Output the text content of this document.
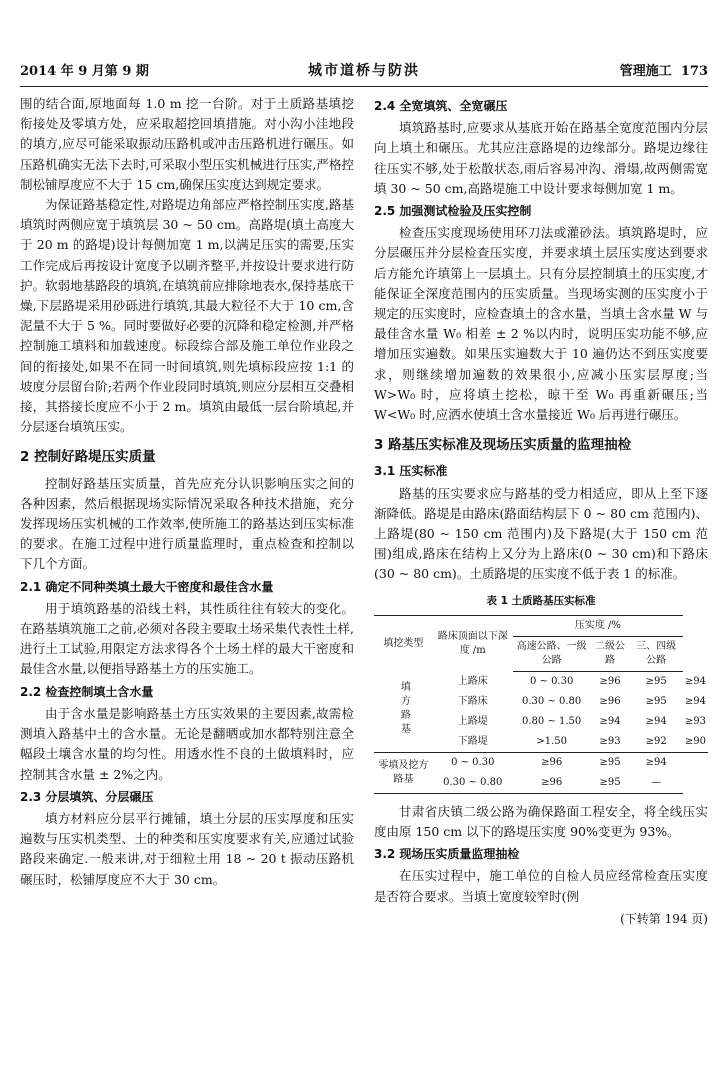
2014 年 9 月第 9 期	城市道桥与防洪	管理施工 173

围的结合面,原地面每 1.0 m 挖一台阶。对于土质路基填挖衔接处及零填方处，应采取超挖回填措施。对小沟小洼地段的填方,应尽可能采取振动压路机或冲击压路机进行碾压。如压路机确实无法下去时,可采取小型压实机械进行压实,严格控制松铺厚度应不大于 15 cm,确保压实度达到规定要求。

为保证路基稳定性,对路堤边角部应严格控制压实度,路基填筑时两侧应宽于填筑层 30 ~ 50 cm。高路堤(填土高度大于 20 m 的路堤)设计每侧加宽 1 m,以满足压实的需要,压实工作完成后再按设计宽度予以刷齐整平,并按设计要求进行防护。软弱地基路段的填筑,在填筑前应排除地表水,保持基底干燥,下层路堤采用砂砾进行填筑,其最大粒径不大于 10 cm,含泥量不大于 5 %。同时要做好必要的沉降和稳定检测,并严格控制施工填料和加载速度。标段综合部及施工单位作业段之间的衔接处,如果不在同一时间填筑,则先填标段应按 1:1 的坡度分层留台阶;若两个作业段同时填筑,则应分层相互交叠相接，其搭接长度应不小于 2 m。填筑由最低一层台阶填起,并分层逐台填筑压实。

2 控制好路堤压实质量

控制好路基压实质量，首先应充分认识影响压实之间的各种因素，然后根据现场实际情况采取各种技术措施，充分发挥现场压实机械的工作效率,使所施工的路基达到压实标准的要求。在施工过程中进行质量监理时，重点检查和控制以下几个方面。

2.1 确定不同种类填土最大干密度和最佳含水量

用于填筑路基的沿线土料，其性质往往有较大的变化。在路基填筑施工之前,必须对各段主要取土场采集代表性土样,进行土工试验,用限定方法求得各个土场土样的最大干密度和最佳含水量,以便指导路基土方的压实施工。

2.2 检查控制填土含水量

由于含水量是影响路基土方压实效果的主要因素,故需检测填入路基中土的含水量。无论是翻晒或加水都特别注意全幅段土壤含水量的均匀性。用透水性不良的土做填料时，应控制其含水量 ± 2%之内。

2.3 分层填筑、分层碾压

填方材料应分层平行摊铺，填土分层的压实厚度和压实遍数与压实机类型、土的种类和压实度要求有关,应通过试验路段来确定.一般来讲,对于细粒土用 18 ~ 20 t 振动压路机碾压时，松铺厚度应不大于 30 cm。

2.4 全宽填筑、全宽碾压

填筑路基时,应要求从基底开始在路基全宽度范围内分层向上填土和碾压。尤其应注意路堤的边缘部分。路堤边缘往往压实不够,处于松散状态,雨后容易冲沟、滑塌,故两侧需宽填 30 ~ 50 cm,高路堤施工中设计要求每侧加宽 1 m。

2.5 加强测试检验及压实控制

检查压实度现场使用环刀法或灌砂法。填筑路堤时，应分层碾压并分层检查压实度，并要求填土层压实度达到要求后方能允许填第上一层填土。只有分层控制填土的压实度,才能保证全深度范围内的压实质量。当现场实测的压实度小于规定的压实度时，应检查填土的含水量，当填土含水量 W 与最佳含水量 W₀ 相差 ± 2 %以内时，说明压实功能不够,应增加压实遍数。如果压实遍数大于 10 遍仍达不到压实度要求，则继续增加遍数的效果很小,应减小压实层厚度;当 W>W₀ 时，应将填土挖松，晾干至 W₀ 再重新碾压;当 W<W₀ 时,应洒水使填土含水量接近 W₀ 后再进行碾压。

3 路基压实标准及现场压实质量的监理抽检
3.1 压实标准

路基的压实要求应与路基的受力相适应，即从上至下逐渐降低。路堤是由路床(路面结构层下 0 ~ 80 cm 范围内)、上路堤(80 ~ 150 cm 范围内)及下路堤(大于 150 cm 范围)组成,路床在结构上又分为上路床(0 ~ 30 cm)和下路床(30 ~ 80 cm)。土质路堤的压实度不低于表 1 的标准。

表 1 土质路基压实标准
填挖类型	路床顶面以下深度 /m	压实度 /%			
		高速公路、一级公路	二级公路	三、四级公路	
填方路基	上路床	0 ~ 0.30	≥96	≥95	≥94
	下路床	0.30 ~ 0.80	≥96	≥95	≥94
	上路堤	0.80 ~ 1.50	≥94	≥94	≥93
	下路堤	>1.50	≥93	≥92	≥90
零填及挖方路基	0 ~ 0.30	≥96	≥95	≥94	
	0.30 ~ 0.80	≥96	≥95	—	

甘肃省庆镇二级公路为确保路面工程安全，将全线压实度由原 150 cm 以下的路堤压实度 90%变更为 93%。

3.2 现场压实质量监理抽检

在压实过程中，施工单位的自检人员应经常检查压实度是否符合要求。当填土宽度较窄时(例

(下转第 194 页)
